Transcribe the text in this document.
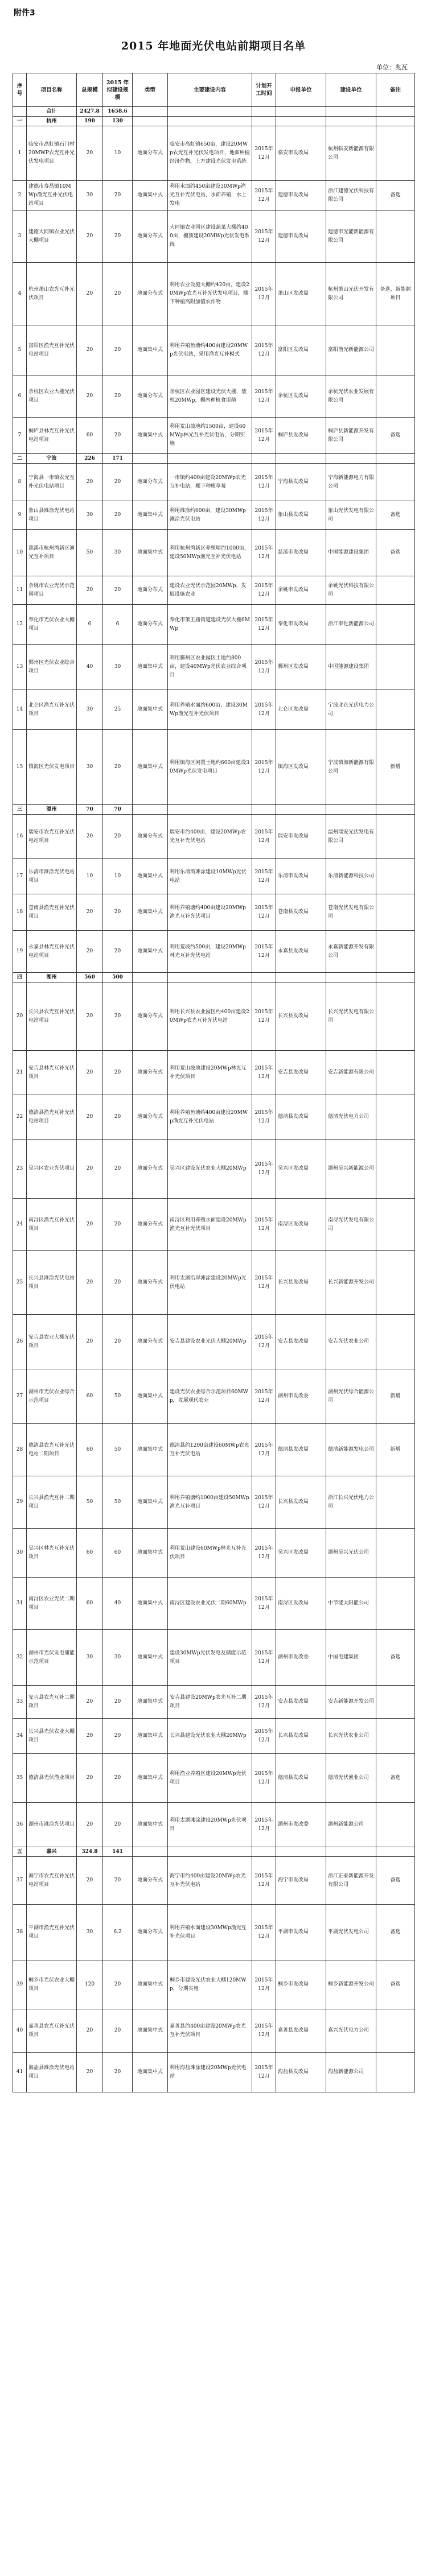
附件3
2015 年地面光伏电站前期项目名单
单位：兆瓦
序号	项目名称	总规模	2015 年拟建设规模	类型	主要建设内容	计划开工时间	申报单位	建设单位	备注
	合计	2427.8	1658.6						
一	杭州	190	130						
1	临安市高虹镇石门村20MWP农光互补光伏发电项目	20	10	地面分布式	临安市高虹镇650亩，建设20MWp农光互补光伏发电项目，地面种植经济作物，上方建设光伏发电系统	2015年12月	临安市发改局	杭州临安新能源有限公司	
2	建德市寿昌镇10MWp渔光互补光伏电站项目	30	20	地面集中式	利用水面约450亩建设30MWp渔光互补光伏电站，水面养殖，水上发电	2015年12月	建德市发改局	浙江建德光伏科技有限公司	备选
3	建德大同镇农业光伏大棚项目	20	20	地面分布式	大同镇农业园区建设蔬菜大棚约400亩，棚顶建设20MWp光伏发电系统	2015年12月	建德市发改局	建德市光能新能源有限公司	
4	杭州萧山农光互补光伏项目	20	20	地面分布式	利用农业设施大棚约420亩，建设20MWp农光互补光伏发电项目，棚下种植高附加值农作物	2015年12月	萧山区发改局	杭州萧山光伏开发有限公司	备选，新能源项目
5	富阳区渔光互补光伏电站项目	20	20	地面集中式	利用养殖鱼塘约400亩建设20MWp光伏电站，采用渔光互补模式	2015年12月	富阳区发改局	富阳渔光新能源公司	
6	余杭区农业大棚光伏项目	20	20	地面分布式	余杭区农业园区建设光伏大棚，装机20MWp，棚内种植食用菌	2015年12月	余杭区发改局	余杭光伏农业发展有限公司	
7	桐庐县林光互补光伏电站项目	60	20	地面集中式	利用荒山坡地约1500亩，建设60MWp林光互补光伏电站，分期实施	2015年12月	桐庐县发改局	桐庐县新能源开发有限公司	备选
二	宁波	226	171						
8	宁海县一市镇农光互补光伏电站项目	20	20	地面分布式	一市镇约400亩建设20MWp农光互补电站，棚下种植草莓	2015年12月	宁海县发改局	宁海新能源电力有限公司	
9	象山县滩涂光伏电站项目	30	20	地面集中式	利用滩涂约600亩，建设30MWp滩涂光伏电站	2015年12月	象山县发改局	象山光伏发电有限公司	备选
10	慈溪市杭州湾新区渔光互补项目	50	30	地面集中式	利用杭州湾新区养殖塘约1000亩，建设50MWp渔光互补光伏电站	2015年12月	慈溪市发改局	中国能源建设集团	备选
11	余姚市农业光伏示范园项目	20	20	地面分布式	建设农业光伏示范园20MWp，发展设施农业	2015年12月	余姚市发改局	余姚光伏科技有限公司	
12	奉化市光伏农业大棚项目	6	6	地面分布式	奉化市萧王庙街道建设光伏大棚6MWp	2015年12月	奉化市发改局	浙江奉化新能源公司	
13	鄞州区光伏农业综合项目	40	30	地面集中式	利用鄞州区农业园区土地约800亩，建设40MWp光伏农业综合项目	2015年12月	鄞州区发改局	中国能源建设集团	
14	北仑区渔光互补光伏项目	30	25	地面集中式	利用养殖水面约600亩，建设30MWp渔光互补光伏项目	2015年12月	北仑区发改局	宁波北仑光伏电力公司	
15	镇海区光伏发电项目	30	20	地面集中式	利用镇海区闲置土地约600亩建设30MWp光伏发电项目	2015年12月	镇海区发改局	宁波镇海新能源有限公司	新增
三	温州	70	70						
16	瑞安市农光互补光伏电站项目	20	20	地面分布式	瑞安市约400亩，建设20MWp农光互补光伏电站	2015年12月	瑞安市发改局	温州瑞安光伏发电有限公司	
17	乐清市滩涂光伏电站项目	10	10	地面集中式	利用乐清湾滩涂建设10MWp光伏电站	2015年12月	乐清市发改局	乐清新能源科技公司	
18	苍南县渔光互补光伏项目	20	20	地面集中式	利用养殖塘约400亩建设20MWp渔光互补光伏项目	2015年12月	苍南县发改局	苍南光伏发电有限公司	
19	永嘉县林光互补光伏电站项目	20	20	地面集中式	利用荒坡约500亩，建设20MWp林光互补光伏电站	2015年12月	永嘉县发改局	永嘉新能源开发有限公司	
四	湖州	560	500						
20	长兴县农光互补光伏电站项目	20	20	地面分布式	利用长兴县农业园区约400亩建设20MWp农光互补光伏电站	2015年12月	长兴县发改局	长兴光伏发电有限公司	
21	安吉县林光互补光伏项目	20	20	地面分布式	利用荒山坡地建设20MWp林光互补光伏项目	2015年12月	安吉县发改局	安吉新能源有限公司	
22	德清县渔光互补光伏电站项目	20	20	地面分布式	利用养殖鱼塘约400亩建设20MWp渔光互补光伏电站	2015年12月	德清县发改局	德清光伏电力公司	
23	吴兴区农业光伏项目	20	20	地面分布式	吴兴区建设光伏农业大棚20MWp	2015年12月	吴兴区发改局	湖州吴兴新能源公司	
24	南浔区渔光互补光伏项目	20	20	地面分布式	南浔区利用养殖水面建设20MWp渔光互补光伏项目	2015年12月	南浔区发改局	南浔光伏发电有限公司	
25	长兴县滩涂光伏电站项目	20	20	地面分布式	利用太湖沿岸滩涂建设20MWp光伏电站	2015年12月	长兴县发改局	长兴新能源开发公司	
26	安吉县农业大棚光伏项目	20	20	地面分布式	安吉县建设农业光伏大棚20MWp	2015年12月	安吉县发改局	安吉光伏农业公司	
27	湖州市光伏农业综合示范项目	60	50	地面集中式	建设光伏农业综合示范项目60MWp，发展现代农业	2015年12月	湖州市发改委	湖州光伏综合能源公司	新增
28	德清县农光互补光伏电站二期项目	60	50	地面集中式	德清县约1200亩建设60MWp农光互补光伏电站	2015年12月	德清县发改局	德清新能源发电公司	新增
29	长兴县渔光互补二期项目	50	50	地面集中式	利用养殖塘约1000亩建设50MWp渔光互补项目	2015年12月	长兴县发改局	浙江长兴光伏电力公司	
30	吴兴区林光互补光伏项目	60	60	地面集中式	利用荒山建设60MWp林光互补光伏项目	2015年12月	吴兴区发改局	湖州吴兴光伏公司	
31	南浔区农业光伏二期项目	60	40	地面集中式	南浔区建设农业光伏二期60MWp	2015年12月	南浔区发改局	中节能太阳能公司	
32	湖州市光伏发电储能示范项目	30	30	地面集中式	建设30MWp光伏发电及储能示范项目	2015年12月	湖州市发改委	中国电建集团	备选
33	安吉县农光互补二期项目	20	20	地面集中式	安吉县建设20MWp农光互补二期项目	2015年12月	安吉县发改局	安吉新能源开发公司	
34	长兴县光伏农业大棚项目	20	20	地面集中式	长兴县建设光伏农业大棚20MWp	2015年12月	长兴县发改局	长兴光伏农业公司	
35	德清县光伏渔业项目	20	20	地面集中式	利用渔业养殖区建设20MWp光伏项目	2015年12月	德清县发改局	德清光伏渔业公司	备选
36	湖州市滩涂光伏项目	20	20	地面集中式	利用太湖滩涂建设20MWp光伏项目	2015年12月	湖州市发改委	湖州新能源公司	
五	嘉兴	324.8	141						
37	海宁市农光互补光伏电站项目	20	20	地面分布式	海宁市约400亩建设20MWp农光互补光伏电站	2015年12月	海宁市发改局	浙江正泰新能源开发有限公司	备选
38	平湖市渔光互补光伏项目	30	6.2	地面分布式	利用养殖水面建设30MWp渔光互补光伏项目	2015年12月	平湖市发改局	平湖光伏发电公司	备选
39	桐乡市光伏农业大棚项目	120	20	地面集中式	桐乡市建设光伏农业大棚120MWp，分期实施	2015年12月	桐乡市发改局	桐乡新能源开发公司	备选
40	嘉善县农光互补光伏项目	20	20	地面集中式	嘉善县约400亩建设20MWp农光互补光伏项目	2015年12月	嘉善县发改局	嘉兴光伏电力公司	
41	海盐县滩涂光伏电站项目	20	20	地面集中式	利用海盐滩涂建设20MWp光伏电站	2015年12月	海盐县发改局	海盐新能源公司	
